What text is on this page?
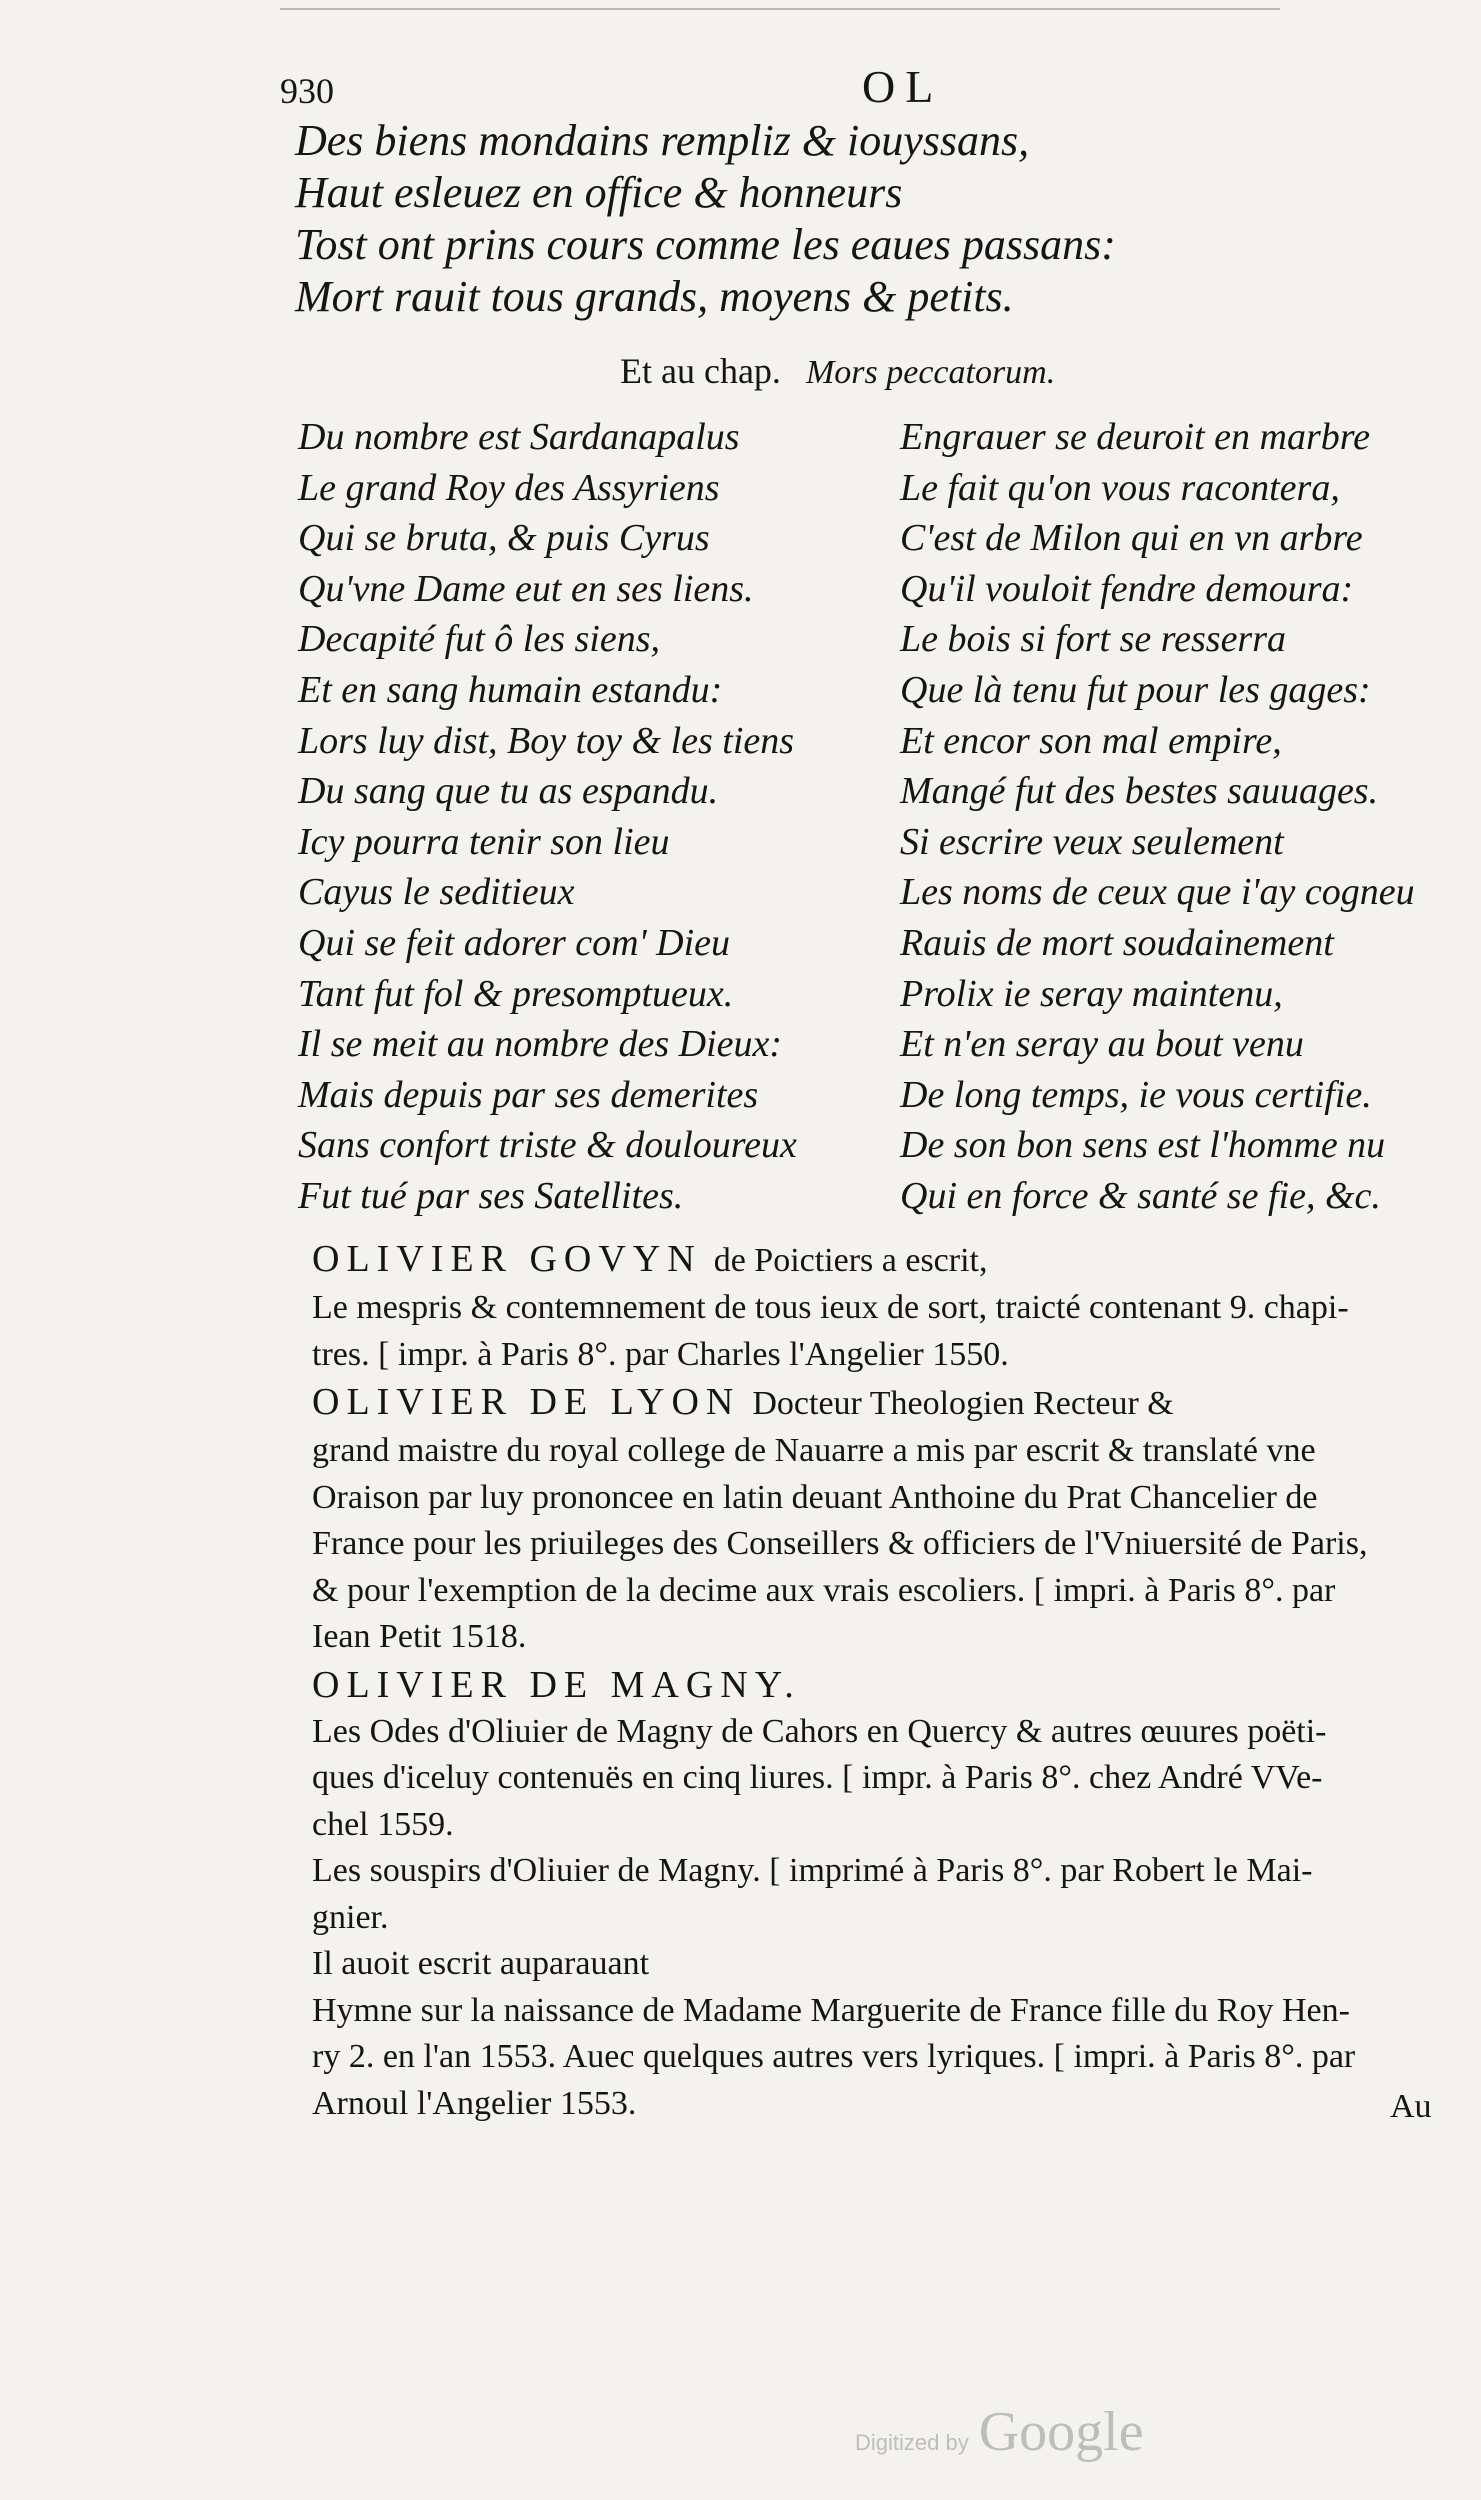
930	OL
Des biens mondains rempliz & iouyssans,
Haut esleuez en office & honneurs
Tost ont prins cours comme les eaues passans:
Mort rauit tous grands, moyens & petits.
Et au chap. Mors peccatorum.
Du nombre est Sardanapalus
Le grand Roy des Assyriens
Qui se bruta, & puis Cyrus
Qu'vne Dame eut en ses liens.
Decapité fut ô les siens,
Et en sang humain estandu:
Lors luy dist, Boy toy & les tiens
Du sang que tu as espandu.
Icy pourra tenir son lieu
Cayus le seditieux
Qui se feit adorer com' Dieu
Tant fut fol & presomptueux.
Il se meit au nombre des Dieux:
Mais depuis par ses demerites
Sans confort triste & douloureux
Fut tué par ses Satellites.
Engrauer se deuroit en marbre
Le fait qu'on vous racontera,
C'est de Milon qui en vn arbre
Qu'il vouloit fendre demoura:
Le bois si fort se resserra
Que là tenu fut pour les gages:
Et encor son mal empire,
Mangé fut des bestes sauuages.
Si escrire veux seulement
Les noms de ceux que i'ay cogneu
Rauis de mort soudainement
Prolix ie seray maintenu,
Et n'en seray au bout venu
De long temps, ie vous certifie.
De son bon sens est l'homme nu
Qui en force & santé se fie, &c.
OLIVIER GOVYN de Poictiers a escrit,
Le mespris & contemnement de tous ieux de sort, traicté contenant 9. chapi-
tres. [ impr. à Paris 8°. par Charles l'Angelier 1550.
OLIVIER DE LYON Docteur Theologien Recteur &
grand maistre du royal college de Nauarre a mis par escrit & translaté vne
Oraison par luy prononcee en latin deuant Anthoine du Prat Chancelier de
France pour les priuileges des Conseillers & officiers de l'Vniuersité de Paris,
& pour l'exemption de la decime aux vrais escoliers. [ impri. à Paris 8°. par
Iean Petit 1518.
OLIVIER DE MAGNY.
Les Odes d'Oliuier de Magny de Cahors en Quercy & autres œuures poëti-
ques d'iceluy contenuës en cinq liures. [ impr. à Paris 8°. chez André VVe-
chel 1559.
Les souspirs d'Oliuier de Magny. [ imprimé à Paris 8°. par Robert le Mai-
gnier.
Il auoit escrit auparauant
Hymne sur la naissance de Madame Marguerite de France fille du Roy Hen-
ry 2. en l'an 1553. Auec quelques autres vers lyriques. [ impri. à Paris 8°. par
Arnoul l'Angelier 1553.	Au
Digitized by Google
